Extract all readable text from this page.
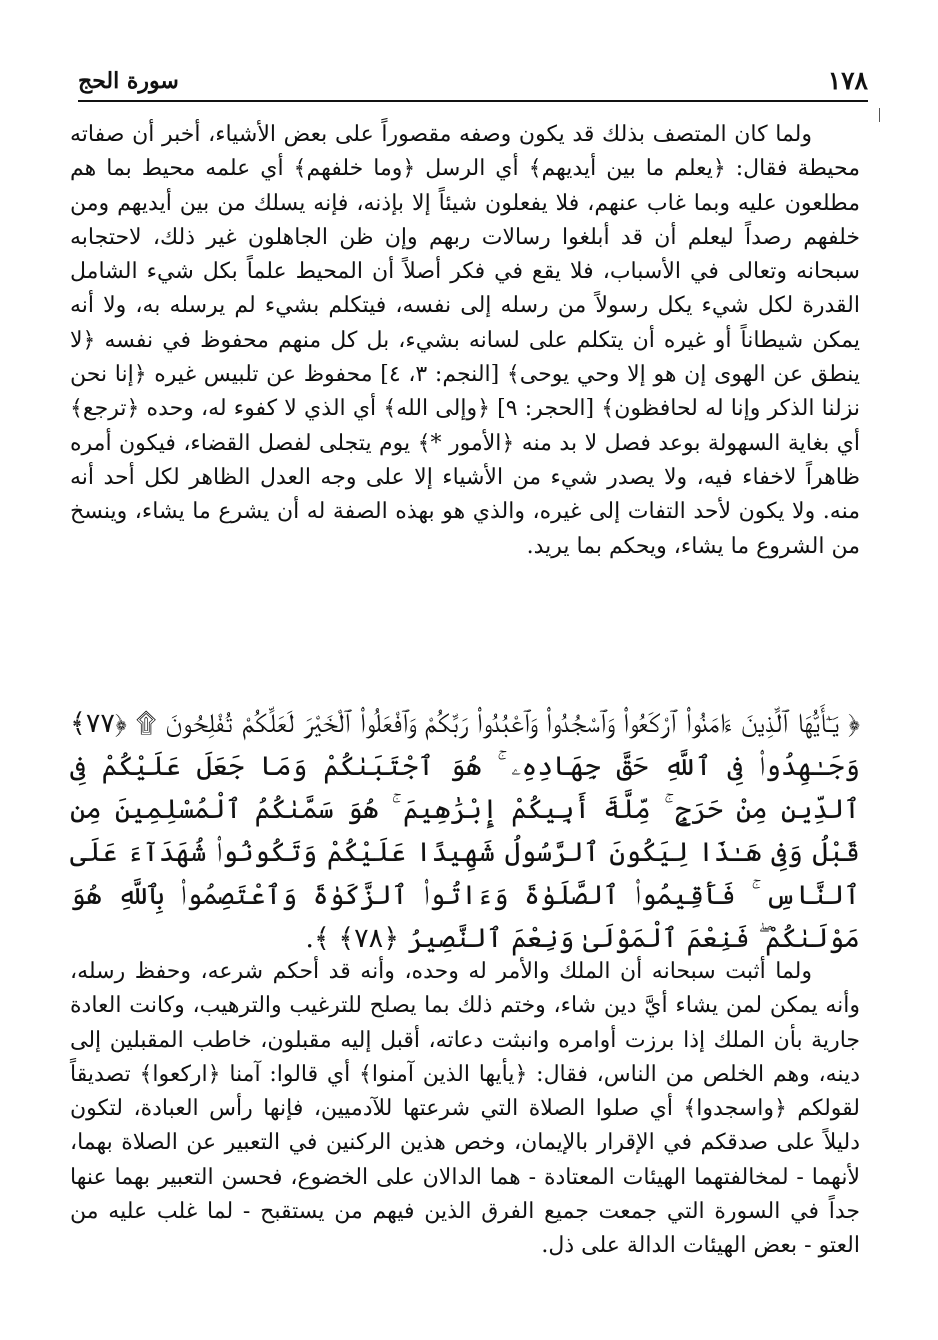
١٧٨
سورة الحج

ولما كان المتصف بذلك قد يكون وصفه مقصوراً على بعض الأشياء، أخبر أن صفاته محيطة فقال: ﴿يعلم ما بين أيديهم﴾ أي الرسل ﴿وما خلفهم﴾ أي علمه محيط بما هم مطلعون عليه وبما غاب عنهم، فلا يفعلون شيئاً إلا بإذنه، فإنه يسلك من بين أيديهم ومن خلفهم رصداً ليعلم أن قد أبلغوا رسالات ربهم وإن ظن الجاهلون غير ذلك، لاحتجابه سبحانه وتعالى في الأسباب، فلا يقع في فكر أصلاً أن المحيط علماً بكل شيء الشامل القدرة لكل شيء يكل رسولاً من رسله إلى نفسه، فيتكلم بشيء لم يرسله به، ولا أنه يمكن شيطاناً أو غيره أن يتكلم على لسانه بشيء، بل كل منهم محفوظ في نفسه ﴿لا ينطق عن الهوى إن هو إلا وحي يوحى﴾ [النجم: ٣، ٤] محفوظ عن تلبيس غيره ﴿إنا نحن نزلنا الذكر وإنا له لحافظون﴾ [الحجر: ٩] ﴿وإلى الله﴾ أي الذي لا كفوء له، وحده ﴿ترجع﴾ أي بغاية السهولة بوعد فصل لا بد منه ﴿الأمور *﴾ يوم يتجلى لفصل القضاء، فيكون أمره ظاهراً لاخفاء فيه، ولا يصدر شيء من الأشياء إلا على وجه العدل الظاهر لكل أحد أنه منه. ولا يكون لأحد التفات إلى غيره، والذي هو بهذه الصفة له أن يشرع ما يشاء، وينسخ من الشروع ما يشاء، ويحكم بما يريد.

﴿ يَـٰٓأَيُّهَا ٱلَّذِينَ ءَامَنُوا۟ ٱرْكَعُوا۟ وَٱسْجُدُوا۟ وَٱعْبُدُوا۟ رَبَّكُمْ وَٱفْعَلُوا۟ ٱلْخَيْرَ لَعَلَّكُمْ تُفْلِحُونَ ۩ ﴿٧٧﴾ وَجَـٰهِدُوا۟ فِى ٱللَّهِ حَقَّ جِهَادِهِۦ ۚ هُوَ ٱجْتَبَىٰكُمْ وَمَا جَعَلَ عَلَيْكُمْ فِى ٱلدِّينِ مِنْ حَرَجٍ ۚ مِّلَّةَ أَبِيكُمْ إِبْرَٰهِيمَ ۚ هُوَ سَمَّىٰكُمُ ٱلْمُسْلِمِينَ مِن قَبْلُ وَفِى هَـٰذَا لِيَكُونَ ٱلرَّسُولُ شَهِيدًا عَلَيْكُمْ وَتَكُونُوا۟ شُهَدَآءَ عَلَى ٱلنَّاسِ ۚ فَأَقِيمُوا۟ ٱلصَّلَوٰةَ وَءَاتُوا۟ ٱلزَّكَوٰةَ وَٱعْتَصِمُوا۟ بِٱللَّهِ هُوَ مَوْلَىٰكُمْ ۖ فَنِعْمَ ٱلْمَوْلَىٰ وَنِعْمَ ٱلنَّصِيرُ ﴿٧٨﴾ ﴾.

ولما أثبت سبحانه أن الملك والأمر له وحده، وأنه قد أحكم شرعه، وحفظ رسله، وأنه يمكن لمن يشاء أيَّ دين شاء، وختم ذلك بما يصلح للترغيب والترهيب، وكانت العادة جارية بأن الملك إذا برزت أوامره وانبثت دعاته، أقبل إليه مقبلون، خاطب المقبلين إلى دينه، وهم الخلص من الناس، فقال: ﴿يأيها الذين آمنوا﴾ أي قالوا: آمنا ﴿اركعوا﴾ تصديقاً لقولكم ﴿واسجدوا﴾ أي صلوا الصلاة التي شرعتها للآدميين، فإنها رأس العبادة، لتكون دليلاً على صدقكم في الإقرار بالإيمان، وخص هذين الركنين في التعبير عن الصلاة بهما، لأنهما - لمخالفتهما الهيئات المعتادة - هما الدالان على الخضوع، فحسن التعبير بهما عنها جداً في السورة التي جمعت جميع الفرق الذين فيهم من يستقبح - لما غلب عليه من العتو - بعض الهيئات الدالة على ذل.
